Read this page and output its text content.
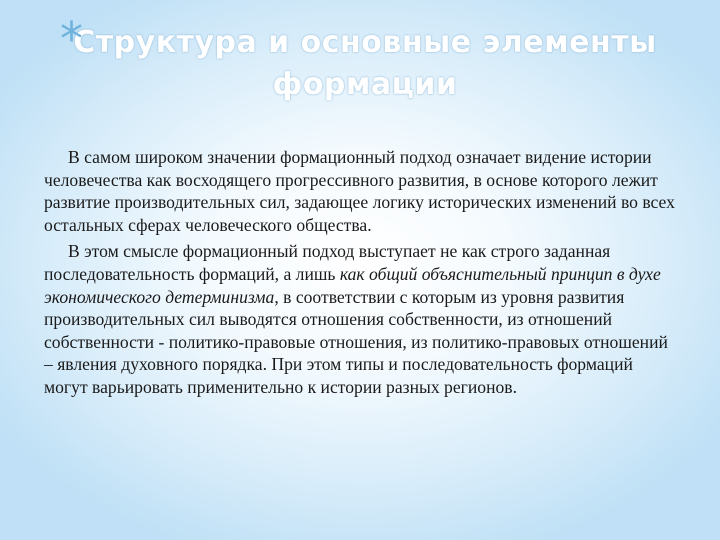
*
Структура и основные элементы формации

В самом широком значении формационный подход означает видение истории человечества как восходящего прогрессивного развития, в основе которого лежит развитие производительных сил, задающее логику исторических изменений во всех остальных сферах человеческого общества.

В этом смысле формационный подход выступает не как строго заданная последовательность формаций, а лишь как общий объяснительный принцип в духе экономического детерминизма, в соответствии с которым из уровня развития производительных сил выводятся отношения собственности, из отношений собственности - политико-правовые отношения, из политико-правовых отношений – явления духовного порядка. При этом типы и последовательность формаций могут варьировать применительно к истории разных регионов.
